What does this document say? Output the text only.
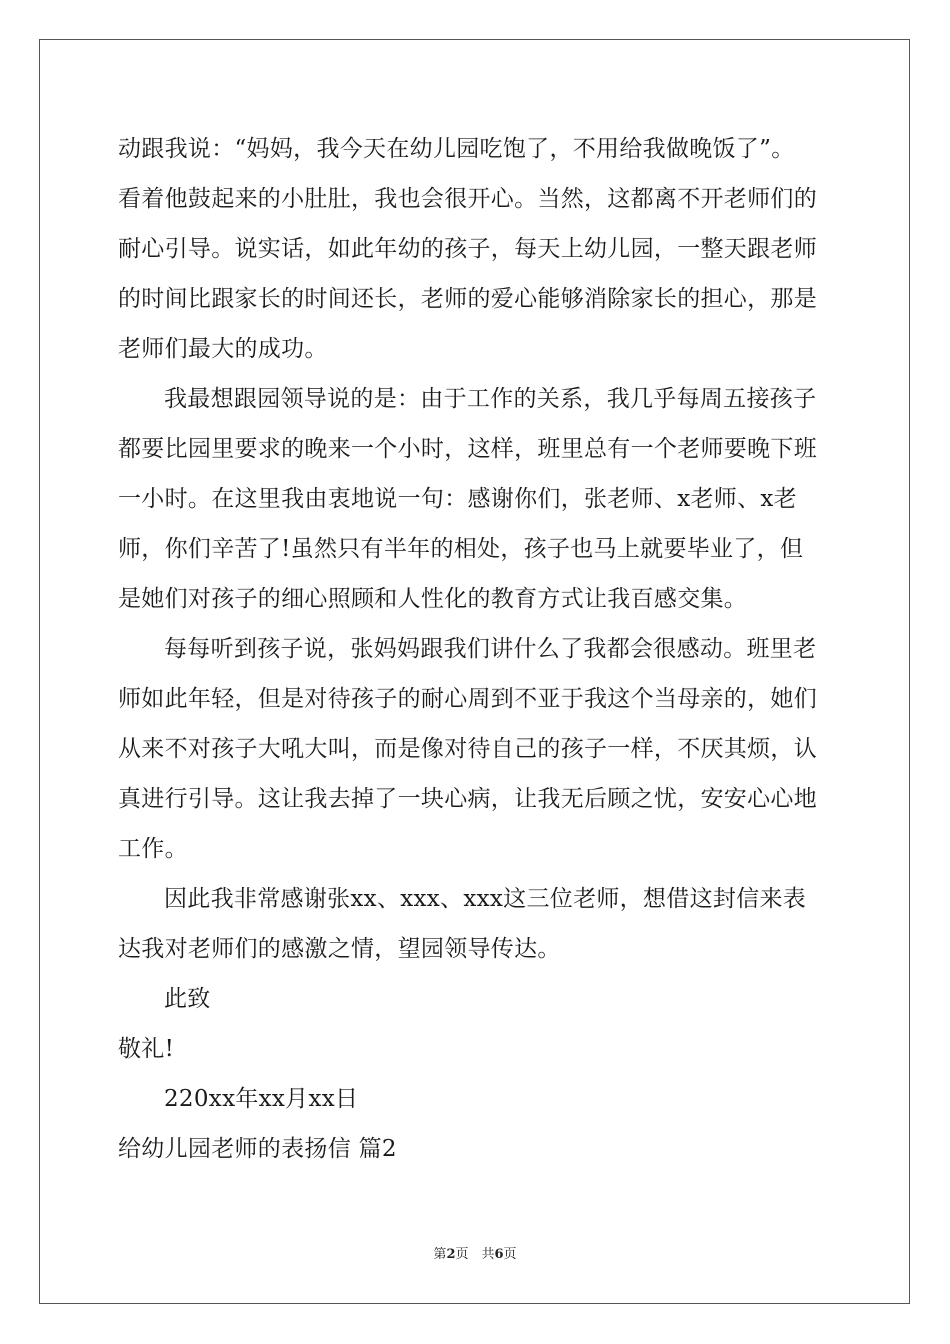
动跟我说：“妈妈，我今天在幼儿园吃饱了，不用给我做晚饭了”。
看着他鼓起来的小肚肚，我也会很开心。当然，这都离不开老师们的
耐心引导。说实话，如此年幼的孩子，每天上幼儿园，一整天跟老师
的时间比跟家长的时间还长，老师的爱心能够消除家长的担心，那是
老师们最大的成功。
我最想跟园领导说的是：由于工作的关系，我几乎每周五接孩子
都要比园里要求的晚来一个小时，这样，班里总有一个老师要晚下班
一小时。在这里我由衷地说一句：感谢你们，张老师、x老师、x老
师，你们辛苦了!虽然只有半年的相处，孩子也马上就要毕业了，但
是她们对孩子的细心照顾和人性化的教育方式让我百感交集。
每每听到孩子说，张妈妈跟我们讲什么了我都会很感动。班里老
师如此年轻，但是对待孩子的耐心周到不亚于我这个当母亲的，她们
从来不对孩子大吼大叫，而是像对待自己的孩子一样，不厌其烦，认
真进行引导。这让我去掉了一块心病，让我无后顾之忧，安安心心地
工作。
因此我非常感谢张xx、xxx、xxx这三位老师，想借这封信来表
达我对老师们的感激之情，望园领导传达。
此致
敬礼!
220xx年xx月xx日
给幼儿园老师的表扬信 篇2
第2页　共6页
